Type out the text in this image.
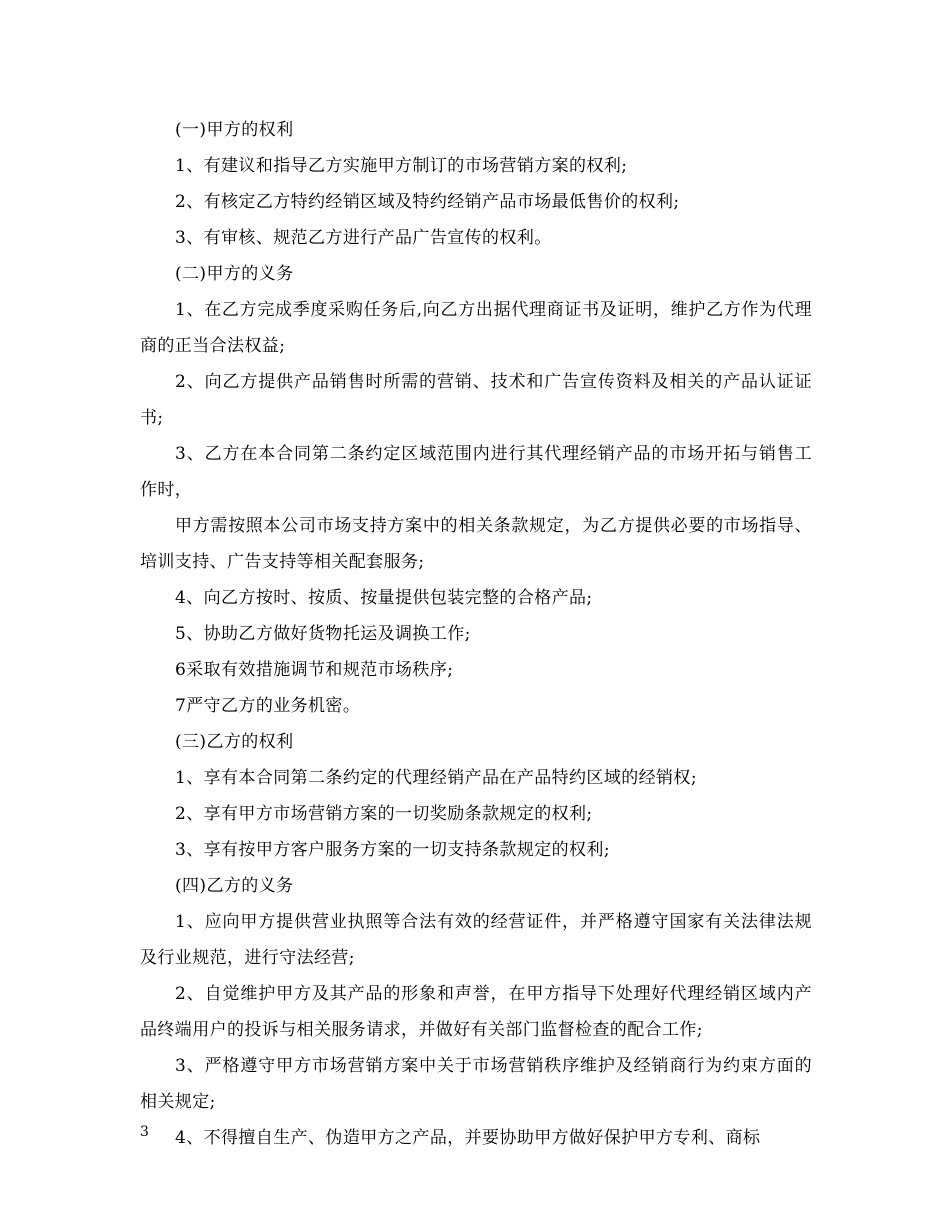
(一)甲方的权利

1、有建议和指导乙方实施甲方制订的市场营销方案的权利;

2、有核定乙方特约经销区域及特约经销产品市场最低售价的权利;

3、有审核、规范乙方进行产品广告宣传的权利。

(二)甲方的义务

1、在乙方完成季度采购任务后,向乙方出据代理商证书及证明，维护乙方作为代理商的正当合法权益;

2、向乙方提供产品销售时所需的营销、技术和广告宣传资料及相关的产品认证证书;

3、乙方在本合同第二条约定区域范围内进行其代理经销产品的市场开拓与销售工作时，

甲方需按照本公司市场支持方案中的相关条款规定，为乙方提供必要的市场指导、培训支持、广告支持等相关配套服务;

4、向乙方按时、按质、按量提供包装完整的合格产品;

5、协助乙方做好货物托运及调换工作;

6采取有效措施调节和规范市场秩序;

7严守乙方的业务机密。

(三)乙方的权利

1、享有本合同第二条约定的代理经销产品在产品特约区域的经销权;

2、享有甲方市场营销方案的一切奖励条款规定的权利;

3、享有按甲方客户服务方案的一切支持条款规定的权利;

(四)乙方的义务

1、应向甲方提供营业执照等合法有效的经营证件，并严格遵守国家有关法律法规及行业规范，进行守法经营;

2、自觉维护甲方及其产品的形象和声誉，在甲方指导下处理好代理经销区域内产品终端用户的投诉与相关服务请求，并做好有关部门监督检查的配合工作;

3、严格遵守甲方市场营销方案中关于市场营销秩序维护及经销商行为约束方面的相关规定;

4、不得擅自生产、伪造甲方之产品，并要协助甲方做好保护甲方专利、商标

3
